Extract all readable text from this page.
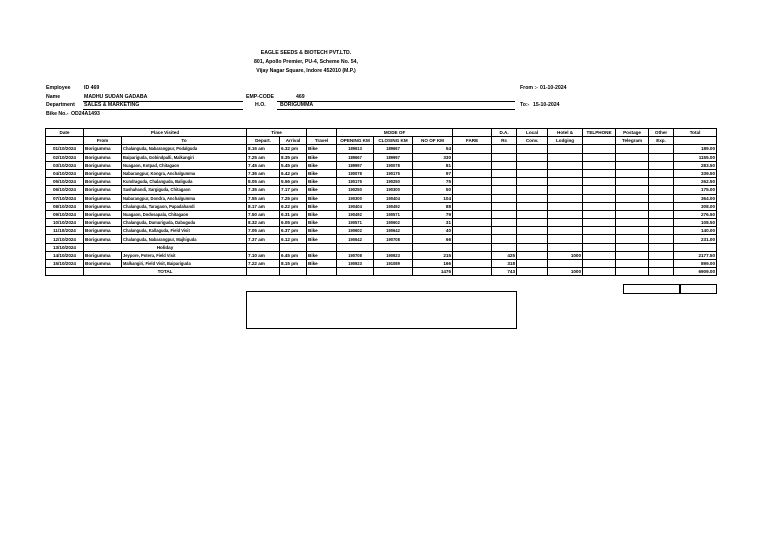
EAGLE SEEDS & BIOTECH PVT.LTD.
801, Apollo Premier, PU-4, Scheme No. 54,
Vijay Nagar Square, Indore 452010 (M.P.)
Employee	ID 469
Name	MADHU SUDAN GADABA
Department SALES & MARKETING
Bike No.- OD24A1493
EMP-CODE	469
H.O.	BORIGUMMA
From :- 01-10-2024
To:- 15-10-2024
Date	Place Visited		Time			MODE OF				D.A.	Local	Hotel &	TELPHONE	Postage	Other	Total
	From	To	Depart.	Arrival	Travel	OPENING KM	CLOSING KM	NO OF KM	FARE	Rs	Conv.	Lodging		Telegram	Exp.	
01/10/2024	Borigumma	Chalanguda, Nabarangpur, Podalguda	8.16 am	6.32 pm	Bike	189613	189667	54								189.00
02/10/2024	Borigumma	Baipariguda, Gobindpalli, Malkangiri	7.25 am	8.35 pm	Bike	189667	189997	330								1155.00
03/10/2024	Borigumma	Nuagaon, Kotpad, Chitagaon	7.45 am	5.45 pm	Bike	189997	190078	81								283.50
04/10/2024	Borigumma	Nabarangpur, Kongra, Anchalgumma	7.36 am	6.42 pm	Bike	190078	190175	97								339.50
05/10/2024	Borigumma	Kundraguda, Chalanguda, Baliguda	8.05 am	5.56 pm	Bike	190175	190250	75								262.50
06/10/2024	Borigumma	Sashahandi, Sargiguda, Chitagaon	7.35 am	7.17 pm	Bike	190250	190300	50								175.00
07/10/2024	Borigumma	Nabarangpur, Dondra, Anchalgumma	7.55 am	7.25 pm	Bike	190300	190404	104								364.00
08/10/2024	Borigumma	Chalanguda, Taragaon, Papadahandi	8.17 am	6.22 pm	Bike	190404	190492	88								308.00
09/10/2024	Borigumma	Nuagaon, Dodosapala, Chitagaon	7.50 am	6.31 pm	Bike	190492	190571	79								276.50
10/10/2024	Borigumma	Chalanguda, Dumuriguda, Dabuguda	8.32 am	6.05 pm	Bike	190571	190602	31								108.50
11/10/2024	Borigumma	Chalanguda, Kallaguda, Field Visit	7.05 am	6.37 pm	Bike	190602	190642	40								140.00
12/10/2024	Borigumma	Chalanguda, Nabarangpur, Majhiguda	7.37 am	6.12 pm	Bike	190642	190708	66								231.00
13/10/2024	Holiday															
14/10/2024	Borigumma	Jeypore, Poteru, Field Visit	7.10 am	6.45 pm	Bike	190708	190923	215		425		1000				2177.50
15/10/2024	Borigumma	Malkangiri, Field Visit, Baipariguda	7.22 am	8.15 pm	Bike	190923	191089	166		318						899.00
	TOTAL							1476		743		1000				6909.00
